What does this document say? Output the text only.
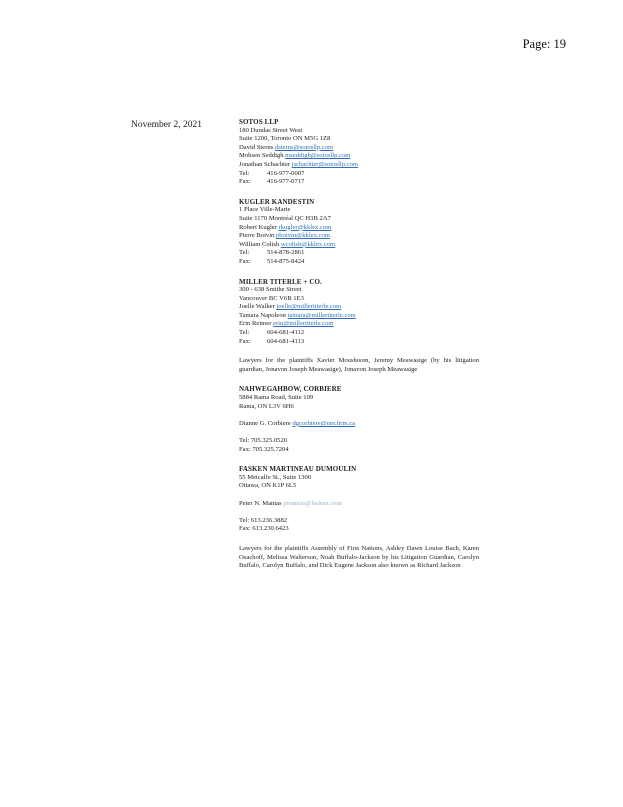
Page: 19
November 2, 2021	SOTOS LLP
180 Dundas Street West
Suite 1200, Toronto ON M5G 1Z8
David Sterns dsterns@sotosllp.com
Mohsen Seddigh mseddigh@sotosllp.com
Jonathan Schachter jschachter@sotosllp.com
Tel:	416-977-0007
Fax:	416-977-0717
KUGLER KANDESTIN
1 Place Ville-Marie
Suite 1170 Montréal QC H3B 2A7
Robert Kugler rkugler@kklex.com
Pierre Boivin pboivin@kklex.com
William Colish wcolish@kklex.com
Tel:	514-878-2861
Fax:	514-875-8424
MILLER TITERLE + CO.
300 - 638 Smithe Street
Vancouver BC V6B 1E3
Joelle Walker joelle@millertiterle.com
Tamara Napoleon tamara@millertiterle.com
Erin Reimer erin@millertiterle.com
Tel:	604-681-4112
Fax:	604-681-4113
Lawyers for the plaintiffs Xavier Moushoom, Jeremy Meawasige (by his litigation guardian, Jonavon Joseph Meawasige), Jonavon Joseph Meawasige
NAHWEGAHBOW, CORBIERE
5884 Rama Road, Suite 109
Rama, ON L3V 6H6
Dianne G. Corbiere dgcorbiere@nncfirm.ca
Tel: 705.325.0520
Fax: 705.325.7204
FASKEN MARTINEAU DUMOULIN
55 Metcalfe St., Suite 1300
Ottawa, ON K1P 6L5
Peter N. Mantas pmantas@fasken.com
Tel: 613.236.3882
Fax: 613.230.6423
Lawyers for the plaintiffs Assembly of First Nations, Ashley Dawn Louise Bach, Karen Osachoff, Melissa Walterson, Noah Buffalo-Jackson by his Litigation Guardian, Carolyn Buffalo, Carolyn Buffalo, and Dick Eugene Jackson also known as Richard Jackson
